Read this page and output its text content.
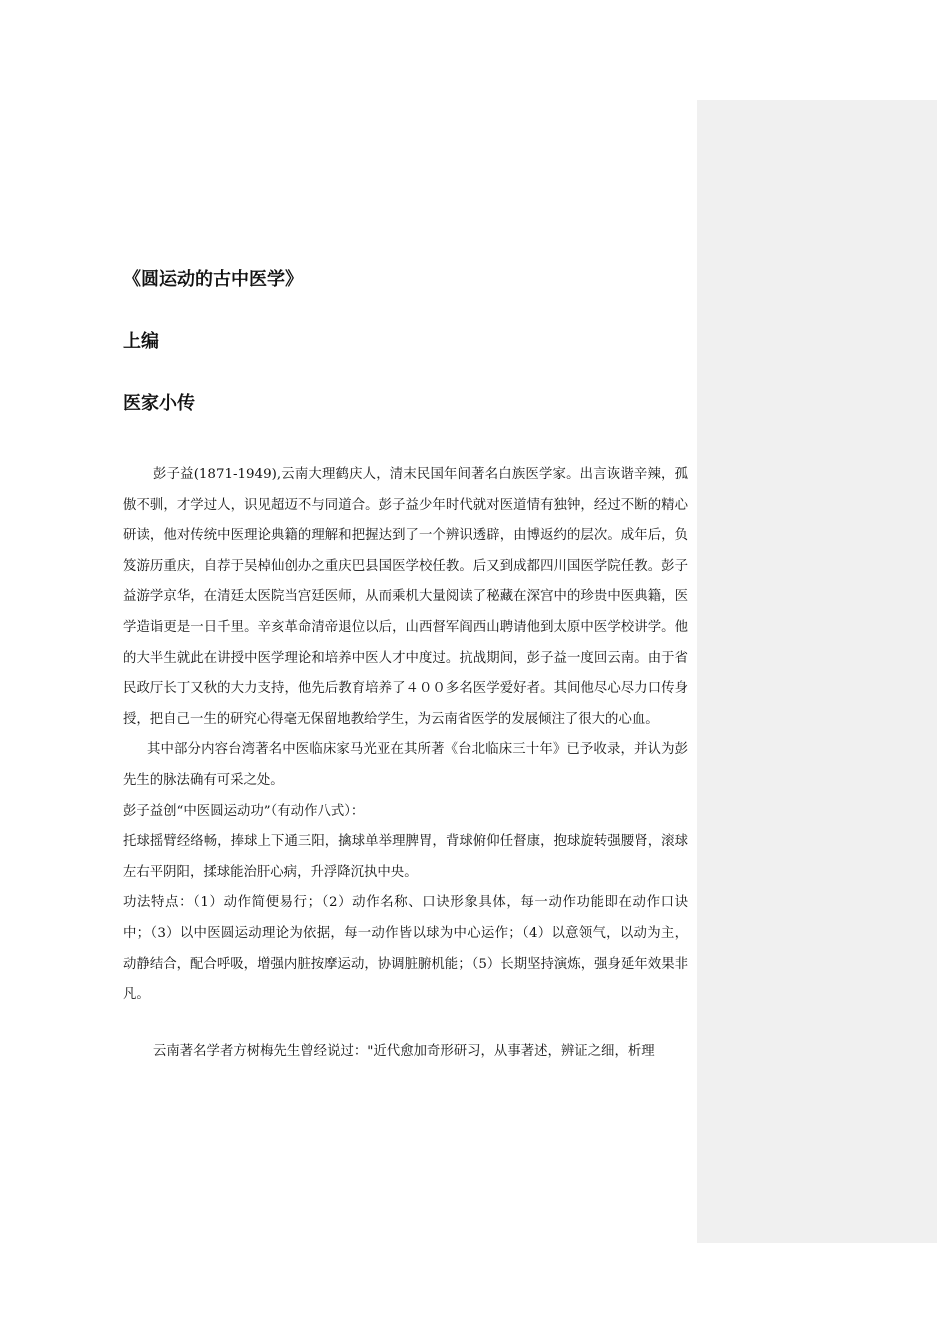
《圆运动的古中医学》
上编
医家小传

彭子益(1871-1949),云南大理鹤庆人，清末民国年间著名白族医学家。出言诙谐辛辣，孤傲不驯，才学过人，识见超迈不与同道合。彭子益少年时代就对医道情有独钟，经过不断的精心研读，他对传统中医理论典籍的理解和把握达到了一个辨识透辟，由博返约的层次。成年后，负笈游历重庆，自荐于吴棹仙创办之重庆巴县国医学校任教。后又到成都四川国医学院任教。彭子益游学京华，在清廷太医院当宫廷医师，从而乘机大量阅读了秘藏在深宫中的珍贵中医典籍，医学造诣更是一日千里。辛亥革命清帝退位以后，山西督军阎西山聘请他到太原中医学校讲学。他的大半生就此在讲授中医学理论和培养中医人才中度过。抗战期间，彭子益一度回云南。由于省民政厅长丁又秋的大力支持，他先后教育培养了４００多名医学爱好者。其间他尽心尽力口传身授，把自己一生的研究心得毫无保留地教给学生，为云南省医学的发展倾注了很大的心血。

其中部分内容台湾著名中医临床家马光亚在其所著《台北临床三十年》已予收录，并认为彭先生的脉法确有可采之处。

彭子益创“中医圆运动功”（有动作八式）：

托球摇臂经络畅，捧球上下通三阳，擒球单举理脾胃，背球俯仰任督康，抱球旋转强腰肾，滚球左右平阴阳，揉球能治肝心病，升浮降沉执中央。

功法特点：（1）动作简便易行；（2）动作名称、口诀形象具体，每一动作功能即在动作口诀中；（3）以中医圆运动理论为依据，每一动作皆以球为中心运作；（4）以意领气，以动为主，动静结合，配合呼吸，增强内脏按摩运动，协调脏腑机能；（5）长期坚持演炼，强身延年效果非凡。

云南著名学者方树梅先生曾经说过："近代愈加奇形研习，从事著述，辨证之细，析理
